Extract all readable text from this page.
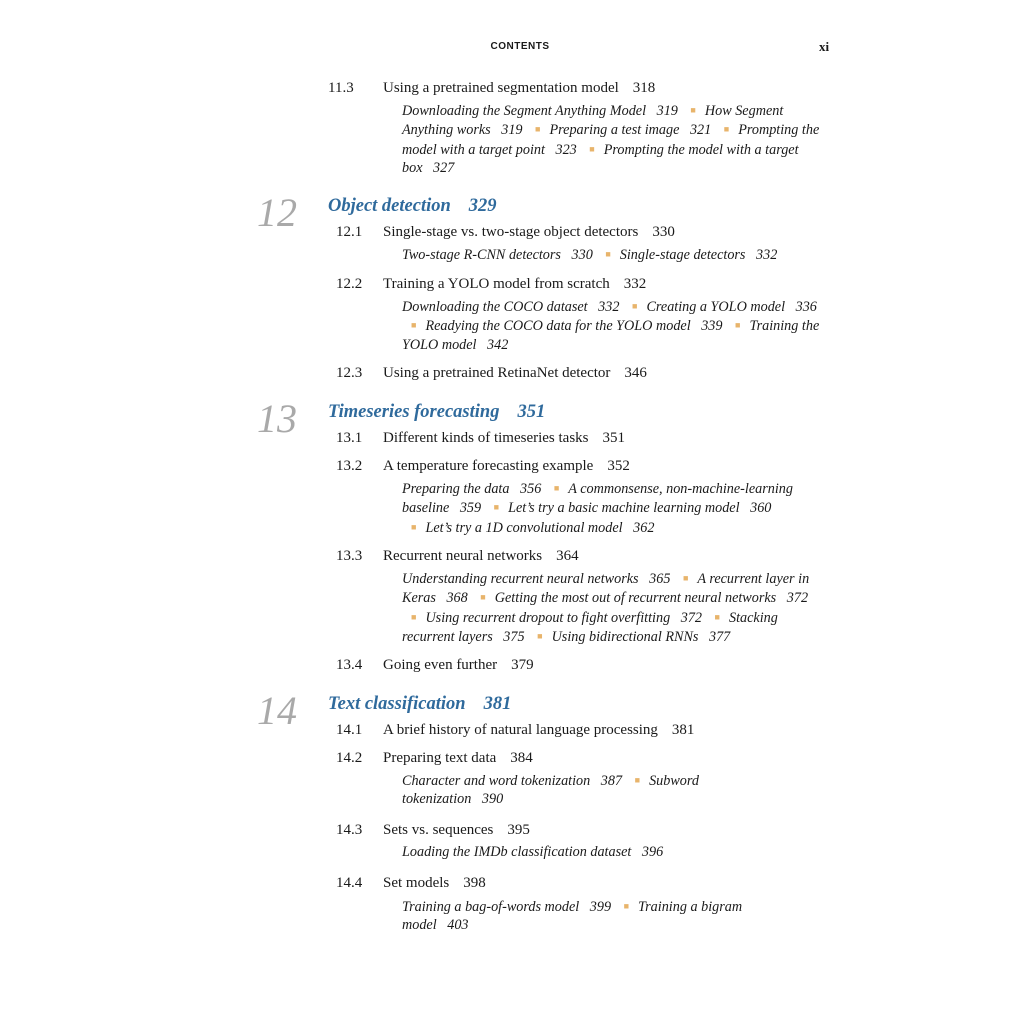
CONTENTS	xi
11.3 Using a pretrained segmentation model 318
Downloading the Segment Anything Model 319 ■ How Segment Anything works 319 ■ Preparing a test image 321 ■ Prompting the model with a target point 323 ■ Prompting the model with a target box 327
12 Object detection 329
12.1 Single-stage vs. two-stage object detectors 330
Two-stage R-CNN detectors 330 ■ Single-stage detectors 332
12.2 Training a YOLO model from scratch 332
Downloading the COCO dataset 332 ■ Creating a YOLO model 336 ■ Readying the COCO data for the YOLO model 339 ■ Training the YOLO model 342
12.3 Using a pretrained RetinaNet detector 346
13 Timeseries forecasting 351
13.1 Different kinds of timeseries tasks 351
13.2 A temperature forecasting example 352
Preparing the data 356 ■ A commonsense, non-machine-learning baseline 359 ■ Let’s try a basic machine learning model 360 ■ Let’s try a 1D convolutional model 362
13.3 Recurrent neural networks 364
Understanding recurrent neural networks 365 ■ A recurrent layer in Keras 368 ■ Getting the most out of recurrent neural networks 372 ■ Using recurrent dropout to fight overfitting 372 ■ Stacking recurrent layers 375 ■ Using bidirectional RNNs 377
13.4 Going even further 379
14 Text classification 381
14.1 A brief history of natural language processing 381
14.2 Preparing text data 384
Character and word tokenization 387 ■ Subword tokenization 390
14.3 Sets vs. sequences 395
Loading the IMDb classification dataset 396
14.4 Set models 398
Training a bag-of-words model 399 ■ Training a bigram model 403
